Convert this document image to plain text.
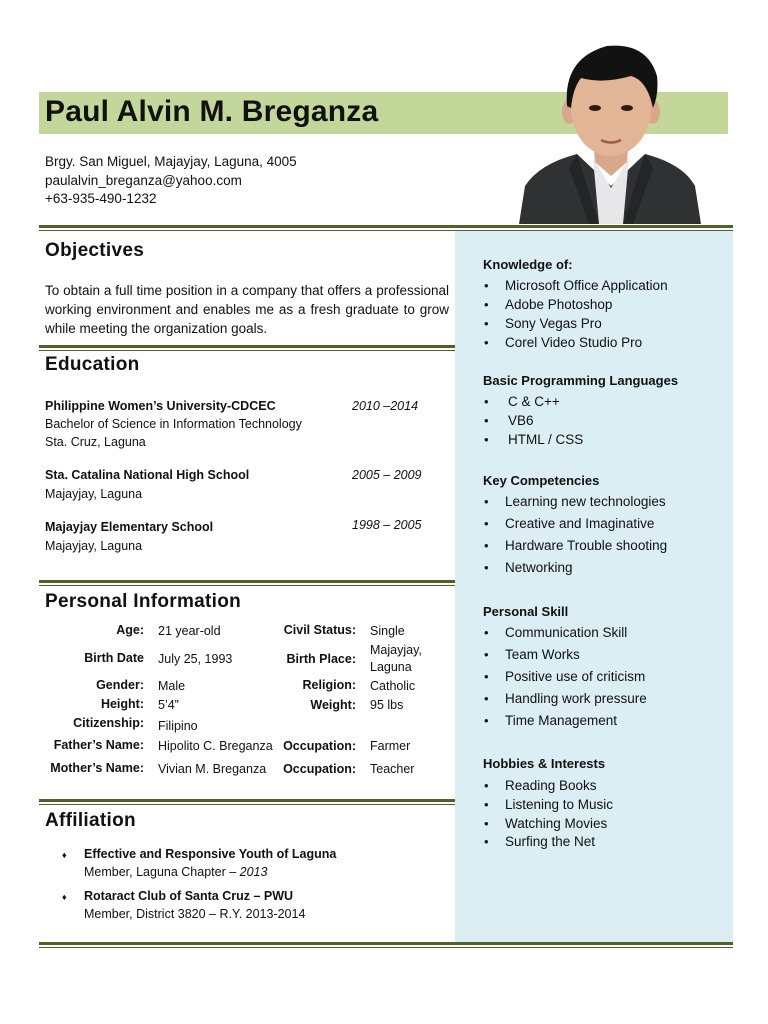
Paul Alvin M. Breganza
Brgy. San Miguel, Majayjay, Laguna, 4005
paulalvin_breganza@yahoo.com
+63-935-490-1232
Objectives
To obtain a full time position in a company that offers a professional working environment and enables me as a fresh graduate to grow while meeting the organization goals.
Education
Philippine Women’s University-CDCEC	2010 –2014
Bachelor of Science in Information Technology
Sta. Cruz, Laguna
Sta. Catalina National High School	2005 – 2009
Majayjay, Laguna
Majayjay Elementary School	1998 – 2005
Majayjay, Laguna
Personal Information
Age: 21 year-old	Civil Status: Single
Birth Date July 25, 1993	Birth Place:
Majayjay,
Laguna
Gender: Male	Religion: Catholic
Height: 5’4”	Weight: 95 lbs
Citizenship: Filipino
Father’s Name: Hipolito C. Breganza Occupation: Farmer
Mother’s Name: Vivian M. Breganza Occupation: Teacher
Affiliation
♦ Effective and Responsive Youth of Laguna
Member, Laguna Chapter – 2013
♦ Rotaract Club of Santa Cruz – PWU
Member, District 3820 – R.Y. 2013-2014
Knowledge of:
• Microsoft Office Application
• Adobe Photoshop
• Sony Vegas Pro
• Corel Video Studio Pro
Basic Programming Languages
• C & C++
• VB6
• HTML / CSS
Key Competencies
• Learning new technologies
• Creative and Imaginative
• Hardware Trouble shooting
• Networking
Personal Skill
• Communication Skill
• Team Works
• Positive use of criticism
• Handling work pressure
• Time Management
Hobbies & Interests
• Reading Books
• Listening to Music
• Watching Movies
• Surfing the Net
